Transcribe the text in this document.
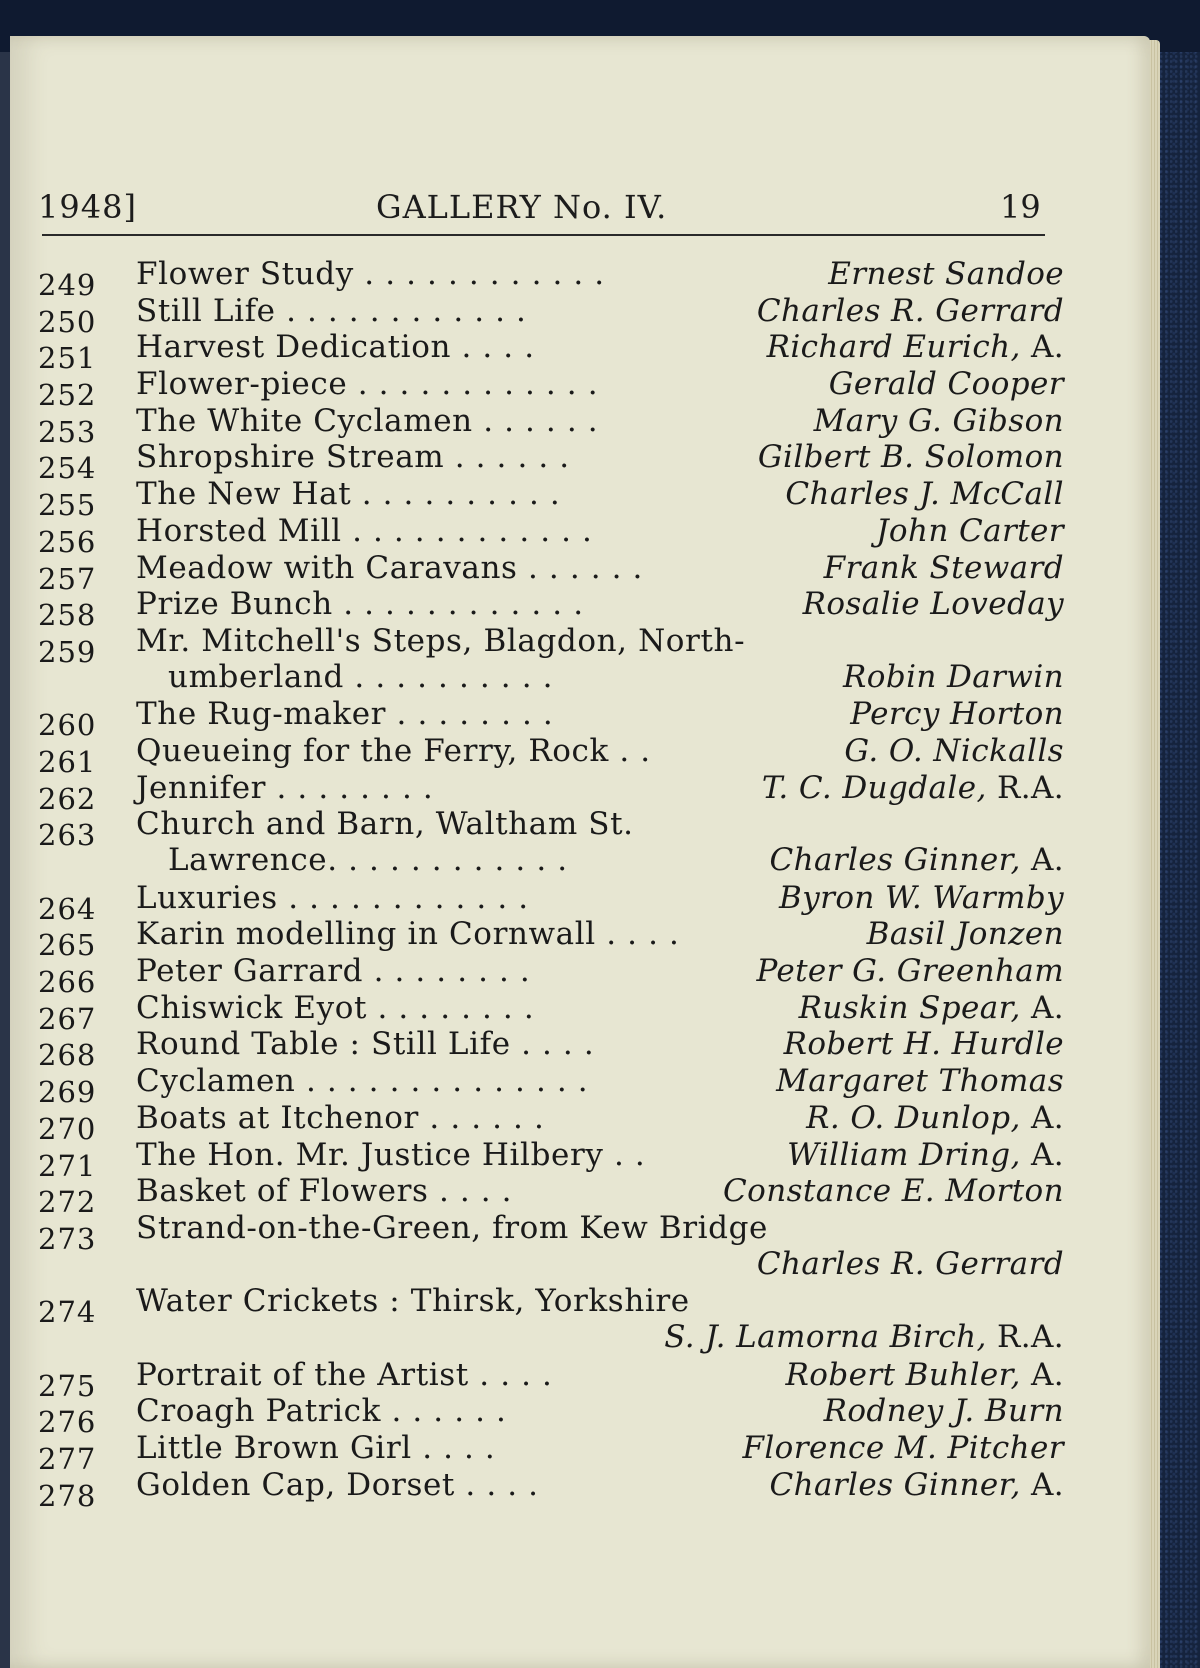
1948]	GALLERY No. IV.	19
249 Flower Study . . . . . . . . . . . .	Ernest Sandoe
250 Still Life . . . . . . . . . . . .	Charles R. Gerrard
251 Harvest Dedication . . . .	Richard Eurich, A.
252 Flower-piece . . . . . . . . . . . .	Gerald Cooper
253 The White Cyclamen . . . . . .	Mary G. Gibson
254 Shropshire Stream . . . . . .	Gilbert B. Solomon
255 The New Hat . . . . . . . . . .	Charles J. McCall
256 Horsted Mill . . . . . . . . . . . .	John Carter
257 Meadow with Caravans . . . . . .	Frank Steward
258 Prize Bunch . . . . . . . . . . . .	Rosalie Loveday
259 Mr. Mitchell's Steps, Blagdon, North-
umberland . . . . . . . . . .	Robin Darwin
260 The Rug-maker . . . . . . . .	Percy Horton
261 Queueing for the Ferry, Rock . .	G. O. Nickalls
262 Jennifer . . . . . . . .	T. C. Dugdale, R.A.
263 Church and Barn, Waltham St.
Lawrence. . . . . . . . . . . .	Charles Ginner, A.
264 Luxuries . . . . . . . . . . . .	Byron W. Warmby
265 Karin modelling in Cornwall . . . .	Basil Jonzen
266 Peter Garrard . . . . . . . .	Peter G. Greenham
267 Chiswick Eyot . . . . . . . .	Ruskin Spear, A.
268 Round Table : Still Life . . . .	Robert H. Hurdle
269 Cyclamen . . . . . . . . . . . . . .	Margaret Thomas
270 Boats at Itchenor . . . . . .	R. O. Dunlop, A.
271 The Hon. Mr. Justice Hilbery . .	William Dring, A.
272 Basket of Flowers . . . .	Constance E. Morton
273 Strand-on-the-Green, from Kew Bridge
Charles R. Gerrard
274 Water Crickets : Thirsk, Yorkshire
S. J. Lamorna Birch, R.A.
275 Portrait of the Artist . . . .	Robert Buhler, A.
276 Croagh Patrick . . . . . .	Rodney J. Burn
277 Little Brown Girl . . . .	Florence M. Pitcher
278 Golden Cap, Dorset . . . .	Charles Ginner, A.
